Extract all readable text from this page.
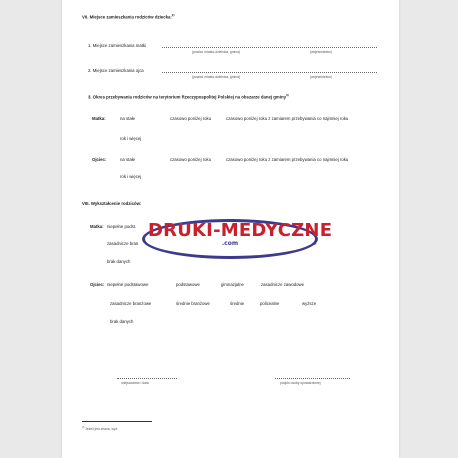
VII. Miejsce zamieszkania rodziców dziecka:$^{2)}$
1. Miejsce zamieszkania matki
(powiat, miasto‑dzielnica, gmina)	(województwo)
2. Miejsce zamieszkania ojca
(powiat, miasto‑dzielnica, gmina)	(województwo)
3. Okres przebywania rodziców na terytorium Rzeczypospolitej Polskiej na obszarze danej gminy$^{3)}$
Matka:	na stałe	czasowo poniżej roku	czasowo poniżej roku z zamiarem przebywania co najmniej roku
rok i więcej
Ojciec:	na stałe	czasowo poniżej roku	czasowo poniżej roku z zamiarem przebywania co najmniej roku
rok i więcej
VIII. Wykształcenie rodziców:
Matka: niepełne podst.
zasadnicze bran
brak danych
Ojciec: niepełne podstawowe	podstawowe	gimnazjalne	zasadnicze zawodowe
zasadnicze branżowe	średnie branżowe	średnie	policealne	wyższe
brak danych
miejscowość i data	podpis osoby upoważnionej
$^{3)}$ Jeżeli jest znana, wyż.
DRUKI-MEDYCZNE
.com
